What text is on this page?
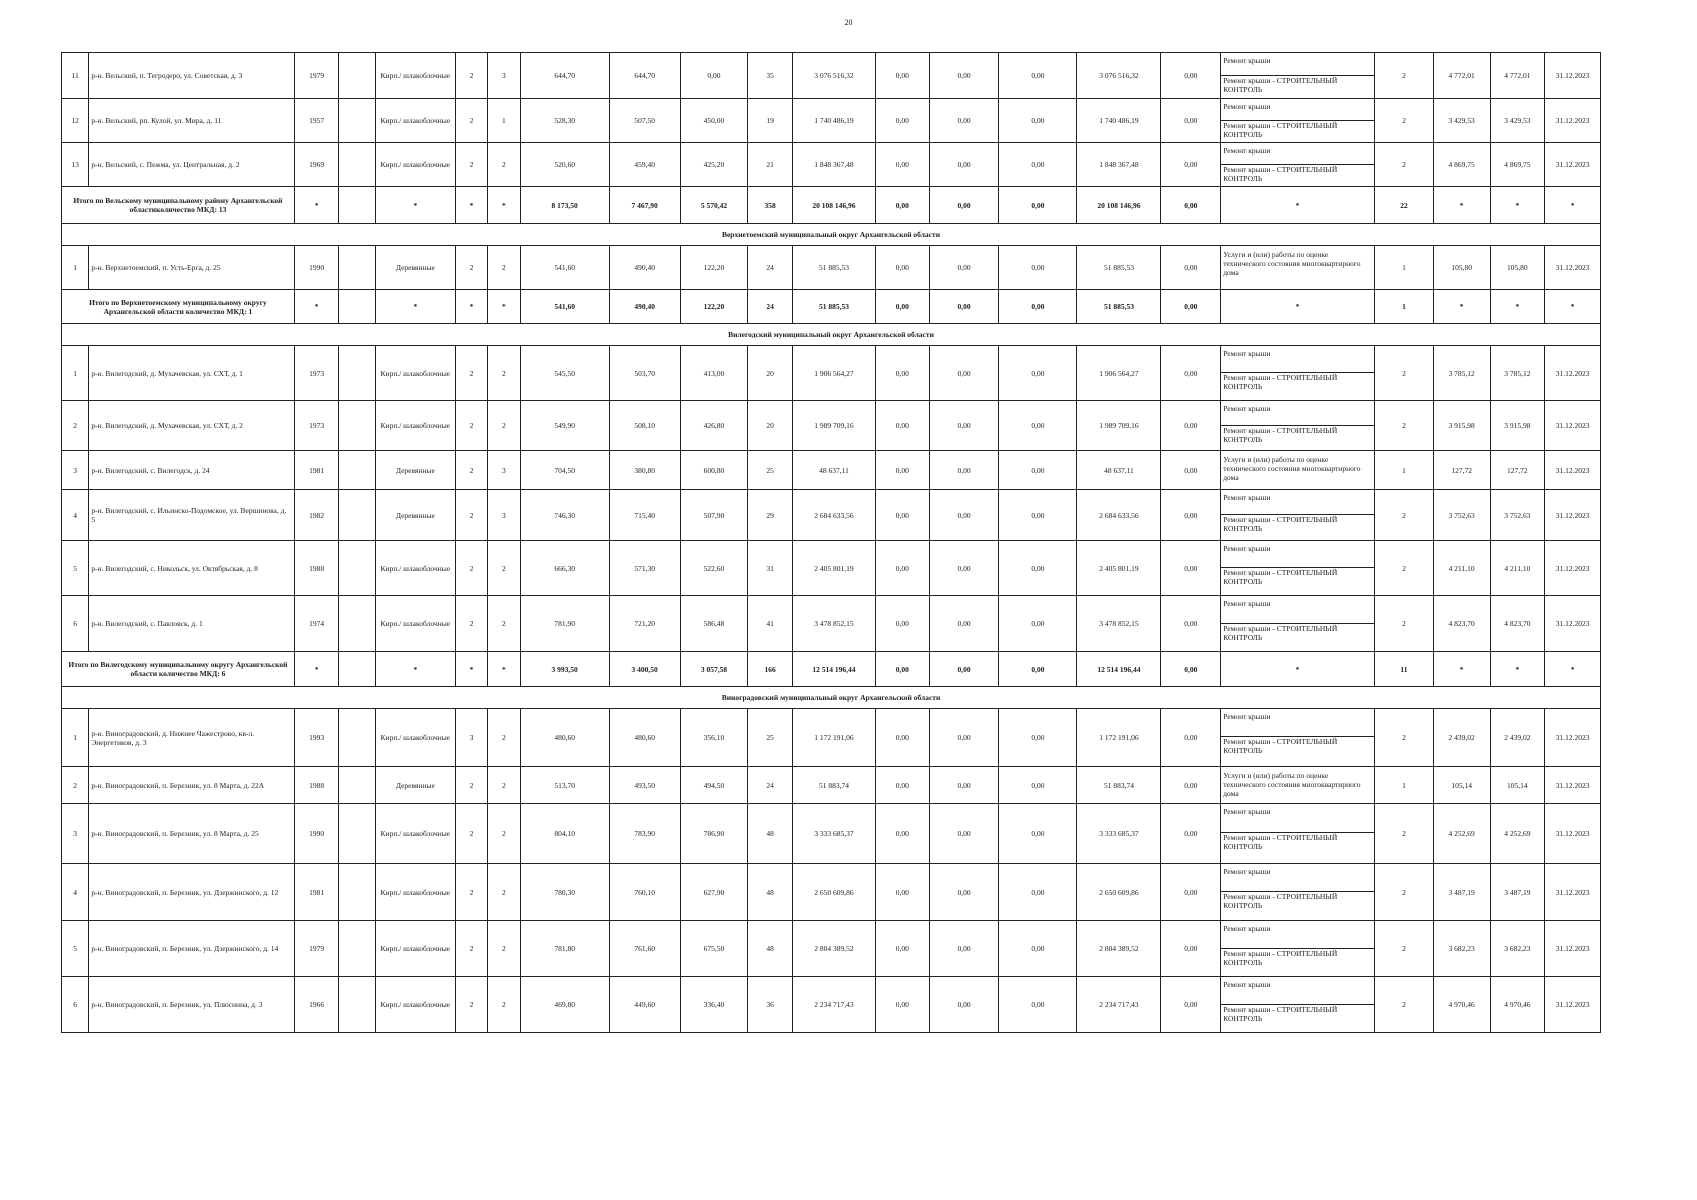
20
11	р-н. Вельский, п. Тегродеро, ул. Советская, д. 3	1979		Кирп./ шлакоблочные	2	3	644,70	644,70	0,00	35	3 076 516,32	0,00	0,00	0,00	3 076 516,32	0,00	Ремонт крыши
Ремонт крыши - СТРОИТЕЛЬНЫЙ КОНТРОЛЬ	2	4 772,01	4 772,01	31.12.2023
12	р-н. Вельский, рп. Кулой, ул. Мира, д. 11	1957		Кирп./ шлакоблочные	2	1	528,30	507,50	450,00	19	1 740 486,19	0,00	0,00	0,00	1 740 486,19	0,00	Ремонт крыши
Ремонт крыши - СТРОИТЕЛЬНЫЙ КОНТРОЛЬ	2	3 429,53	3 429,53	31.12.2023
13	р-н. Вельский, с. Пежма, ул. Центральная, д. 2	1969		Кирп./ шлакоблочные	2	2	520,60	459,40	425,20	21	1 848 367,48	0,00	0,00	0,00	1 848 367,48	0,00	Ремонт крыши
Ремонт крыши - СТРОИТЕЛЬНЫЙ КОНТРОЛЬ	2	4 869,75	4 869,75	31.12.2023
Итого по Вельскому муниципальному району Архангельской областиколичество МКД: 13		*		*	*	*	8 173,50	7 467,90	5 570,42	358	20 108 146,96	0,00	0,00	0,00	20 108 146,96	0,00	*	22	*	*	*
Верхнетоемский муниципальный округ Архангельской области																					
1	р-н. Верхнетоемский, п. Усть-Ерга, д. 25	1990		Деревянные	2	2	541,60	490,40	122,20	24	51 885,53	0,00	0,00	0,00	51 885,53	0,00	Услуги и (или) работы по оценке технического состояния многоквартирного дома	1	105,80	105,80	31.12.2023
Итого по Верхнетоемскому муниципальному округу Архангельской области количество МКД: 1		*		*	*	*	541,60	490,40	122,20	24	51 885,53	0,00	0,00	0,00	51 885,53	0,00	*	1	*	*	*
Вилегодский муниципальный округ Архангельской области																					
1	р-н. Вилегодский, д. Мухачевская, ул. СХТ, д. 1	1973		Кирп./ шлакоблочные	2	2	545,50	503,70	413,00	20	1 906 564,27	0,00	0,00	0,00	1 906 564,27	0,00	Ремонт крыши
Ремонт крыши - СТРОИТЕЛЬНЫЙ КОНТРОЛЬ	2	3 785,12	3 785,12	31.12.2023
2	р-н. Вилегодский, д. Мухачевская, ул. СХТ, д. 2	1973		Кирп./ шлакоблочные	2	2	549,90	508,10	426,80	20	1 989 709,16	0,00	0,00	0,00	1 989 709,16	0,00	Ремонт крыши
Ремонт крыши - СТРОИТЕЛЬНЫЙ КОНТРОЛЬ	2	3 915,98	3 915,98	31.12.2023
3	р-н. Вилегодский, с. Вилегодск, д. 24	1981		Деревянные	2	3	704,50	380,80	600,80	25	48 637,11	0,00	0,00	0,00	48 637,11	0,00	Услуги и (или) работы по оценке технического состояния многоквартирного дома	1	127,72	127,72	31.12.2023
4	р-н. Вилегодский, с. Ильинско-Подомское, ул. Вершинова, д. 5	1982		Деревянные	2	3	746,30	715,40	507,90	29	2 684 633,56	0,00	0,00	0,00	2 684 633,56	0,00	Ремонт крыши
Ремонт крыши - СТРОИТЕЛЬНЫЙ КОНТРОЛЬ	2	3 752,63	3 752,63	31.12.2023
5	р-н. Вилегодский, с. Никольск, ул. Октябрьская, д. 8	1988		Кирп./ шлакоблочные	2	2	666,30	571,30	522,60	31	2 405 801,19	0,00	0,00	0,00	2 405 801,19	0,00	Ремонт крыши
Ремонт крыши - СТРОИТЕЛЬНЫЙ КОНТРОЛЬ	2	4 211,10	4 211,10	31.12.2023
6	р-н. Вилегодский, с. Павловск, д. 1	1974		Кирп./ шлакоблочные	2	2	781,90	721,20	586,48	41	3 478 852,15	0,00	0,00	0,00	3 478 852,15	0,00	Ремонт крыши
Ремонт крыши - СТРОИТЕЛЬНЫЙ КОНТРОЛЬ	2	4 823,70	4 823,70	31.12.2023
Итого по Вилегодскому муниципальному округу Архангельской области количество МКД: 6		*		*	*	*	3 993,50	3 400,50	3 057,58	166	12 514 196,44	0,00	0,00	0,00	12 514 196,44	0,00	*	11	*	*	*
Виноградовский муниципальный округ Архангельской области																					
1	р-н. Виноградовский, д. Нижнее Чажестрово, кв-л. Энергетиков, д. 3	1993		Кирп./ шлакоблочные	3	2	480,60	480,60	356,10	25	1 172 191,06	0,00	0,00	0,00	1 172 191,06	0,00	Ремонт крыши
Ремонт крыши - СТРОИТЕЛЬНЫЙ КОНТРОЛЬ	2	2 439,02	2 439,02	31.12.2023
2	р-н. Виноградовский, п. Березник, ул. 8 Марта, д. 22А	1988		Деревянные	2	2	513,70	493,50	494,50	24	51 883,74	0,00	0,00	0,00	51 883,74	0,00	Услуги и (или) работы по оценке технического состояния многоквартирного дома	1	105,14	105,14	31.12.2023
3	р-н. Виноградовский, п. Березник, ул. 8 Марта, д. 25	1990		Кирп./ шлакоблочные	2	2	804,10	783,90	786,90	48	3 333 685,37	0,00	0,00	0,00	3 333 685,37	0,00	Ремонт крыши
Ремонт крыши - СТРОИТЕЛЬНЫЙ КОНТРОЛЬ	2	4 252,69	4 252,69	31.12.2023
4	р-н. Виноградовский, п. Березник, ул. Дзержинского, д. 12	1981		Кирп./ шлакоблочные	2	2	780,30	760,10	627,90	48	2 650 609,86	0,00	0,00	0,00	2 650 609,86	0,00	Ремонт крыши
Ремонт крыши - СТРОИТЕЛЬНЫЙ КОНТРОЛЬ	2	3 487,19	3 487,19	31.12.2023
5	р-н. Виноградовский, п. Березник, ул. Дзержинского, д. 14	1979		Кирп./ шлакоблочные	2	2	781,80	761,60	675,50	48	2 804 389,52	0,00	0,00	0,00	2 804 389,52	0,00	Ремонт крыши
Ремонт крыши - СТРОИТЕЛЬНЫЙ КОНТРОЛЬ	2	3 682,23	3 682,23	31.12.2023
6	р-н. Виноградовский, п. Березник, ул. Плюснина, д. 3	1966		Кирп./ шлакоблочные	2	2	469,80	449,60	336,40	36	2 234 717,43	0,00	0,00	0,00	2 234 717,43	0,00	Ремонт крыши
Ремонт крыши - СТРОИТЕЛЬНЫЙ КОНТРОЛЬ	2	4 970,46	4 970,46	31.12.2023
